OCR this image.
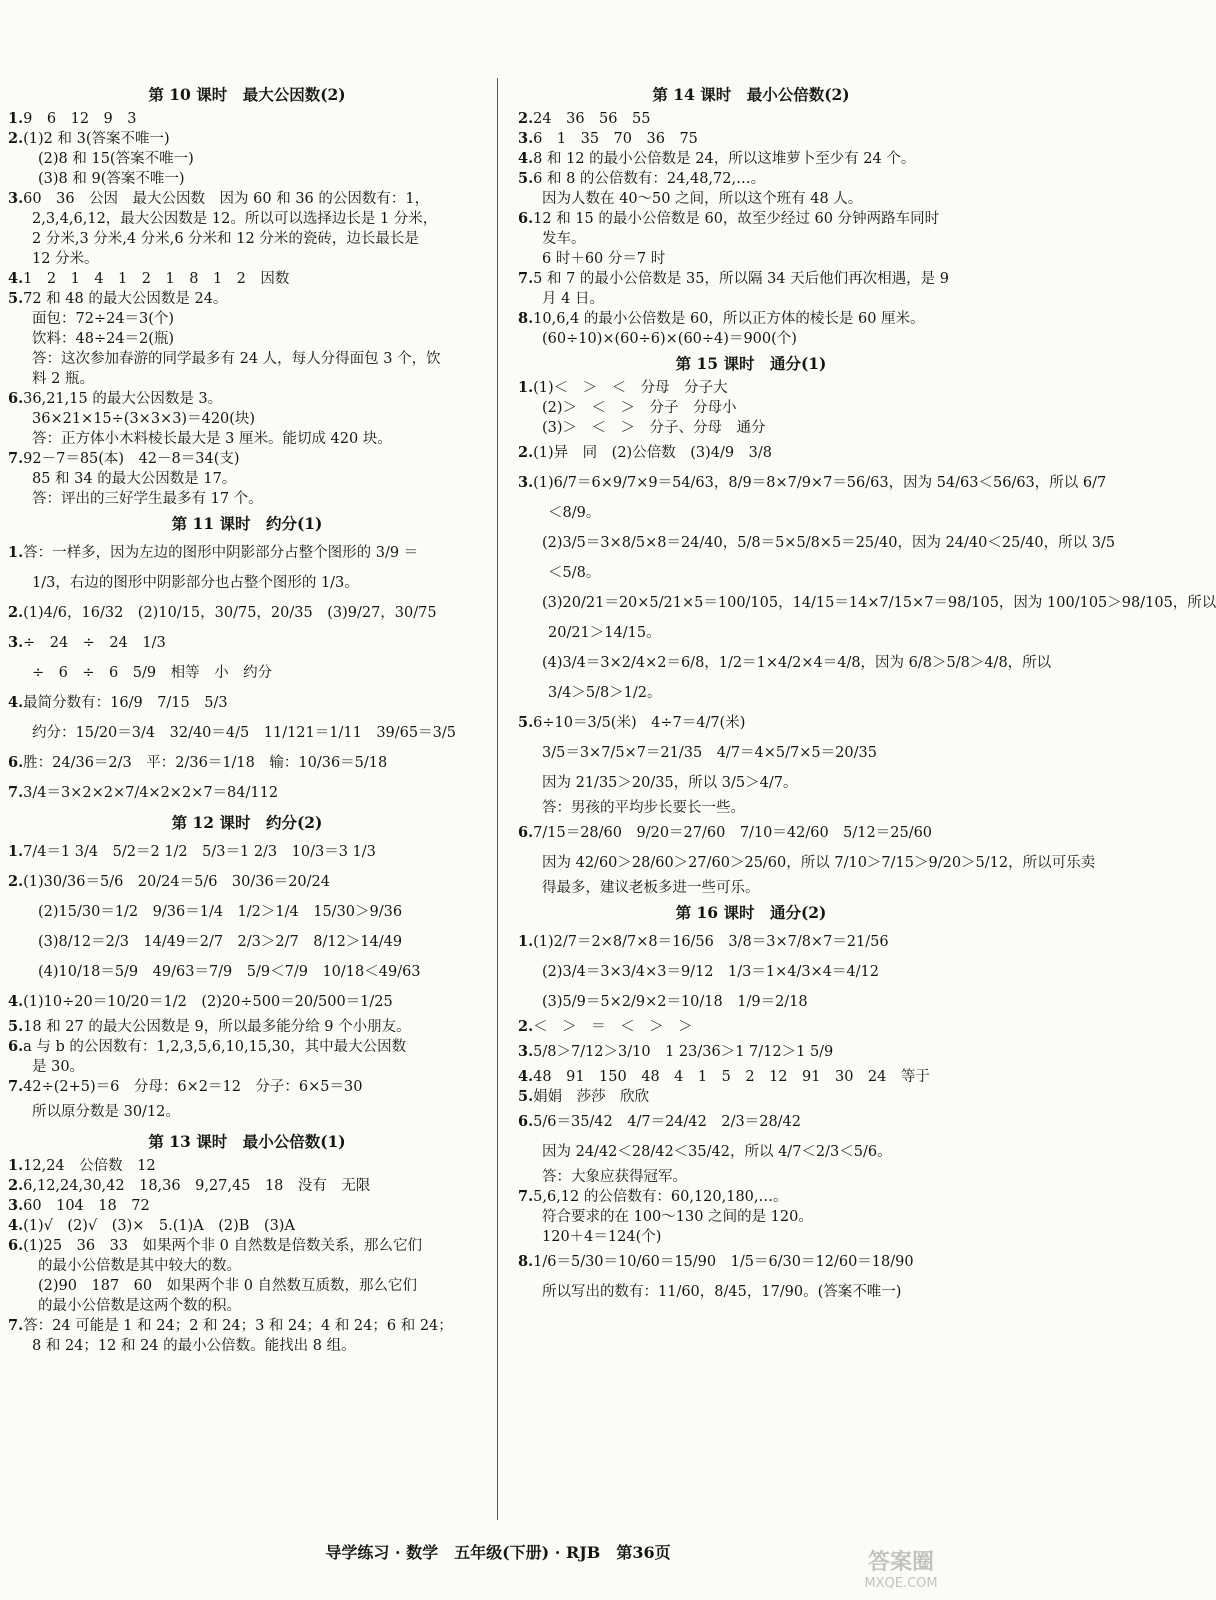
第 10 课时　最大公因数(2)
1.9　6　12　9　3
2.(1)2 和 3(答案不唯一)
(2)8 和 15(答案不唯一)
(3)8 和 9(答案不唯一)
3.60　36　公因　最大公因数　因为 60 和 36 的公因数有：1，
2,3,4,6,12，最大公因数是 12。所以可以选择边长是 1 分米，
2 分米,3 分米,4 分米,6 分米和 12 分米的瓷砖，边长最长是
12 分米。
4.1　2　1　4　1　2　1　8　1　2　因数
5.72 和 48 的最大公因数是 24。
面包：72÷24＝3(个)
饮料：48÷24＝2(瓶)
答：这次参加春游的同学最多有 24 人，每人分得面包 3 个，饮
料 2 瓶。
6.36,21,15 的最大公因数是 3。
36×21×15÷(3×3×3)＝420(块)
答：正方体小木料棱长最大是 3 厘米。能切成 420 块。
7.92－7＝85(本)　42－8＝34(支)
85 和 34 的最大公因数是 17。
答：评出的三好学生最多有 17 个。
第 11 课时　约分(1)
1.答：一样多，因为左边的图形中阴影部分占整个图形的 3/9 ＝
1/3，右边的图形中阴影部分也占整个图形的 1/3。
2.(1)4/6，16/32　(2)10/15，30/75，20/35　(3)9/27，30/75
3.÷　24　÷　24　1/3
÷　6　÷　6　5/9　相等　小　约分
4.最简分数有：16/9　7/15　5/3
约分：15/20＝3/4　32/40＝4/5　11/121＝1/11　39/65＝3/5
6.胜：24/36＝2/3　平：2/36＝1/18　输：10/36＝5/18
7.3/4＝3×2×2×7/4×2×2×7＝84/112
第 12 课时　约分(2)
1.7/4＝1 3/4　5/2＝2 1/2　5/3＝1 2/3　10/3＝3 1/3
2.(1)30/36＝5/6　20/24＝5/6　30/36＝20/24
(2)15/30＝1/2　9/36＝1/4　1/2＞1/4　15/30＞9/36
(3)8/12＝2/3　14/49＝2/7　2/3＞2/7　8/12＞14/49
(4)10/18＝5/9　49/63＝7/9　5/9＜7/9　10/18＜49/63
4.(1)10÷20＝10/20＝1/2　(2)20÷500＝20/500＝1/25
5.18 和 27 的最大公因数是 9，所以最多能分给 9 个小朋友。
6.a 与 b 的公因数有：1,2,3,5,6,10,15,30，其中最大公因数
是 30。
7.42÷(2+5)＝6　分母：6×2＝12　分子：6×5＝30
所以原分数是 30/12。
第 13 课时　最小公倍数(1)
1.12,24　公倍数　12
2.6,12,24,30,42　18,36　9,27,45　18　没有　无限
3.60　104　18　72
4.(1)√　(2)√　(3)×　5.(1)A　(2)B　(3)A
6.(1)25　36　33　如果两个非 0 自然数是倍数关系，那么它们
的最小公倍数是其中较大的数。
(2)90　187　60　如果两个非 0 自然数互质数，那么它们
的最小公倍数是这两个数的积。
7.答：24 可能是 1 和 24；2 和 24；3 和 24；4 和 24；6 和 24；
8 和 24；12 和 24 的最小公倍数。能找出 8 组。
第 14 课时　最小公倍数(2)
2.24　36　56　55
3.6　1　35　70　36　75
4.8 和 12 的最小公倍数是 24，所以这堆萝卜至少有 24 个。
5.6 和 8 的公倍数有：24,48,72,…。
因为人数在 40～50 之间，所以这个班有 48 人。
6.12 和 15 的最小公倍数是 60，故至少经过 60 分钟两路车同时
发车。
6 时＋60 分＝7 时
7.5 和 7 的最小公倍数是 35，所以隔 34 天后他们再次相遇，是 9
月 4 日。
8.10,6,4 的最小公倍数是 60，所以正方体的棱长是 60 厘米。
(60÷10)×(60÷6)×(60÷4)＝900(个)
第 15 课时　通分(1)
1.(1)＜　＞　＜　分母　分子大
(2)＞　＜　＞　分子　分母小
(3)＞　＜　＞　分子、分母　通分
2.(1)异　同　(2)公倍数　(3)4/9　3/8
3.(1)6/7＝6×9/7×9＝54/63，8/9＝8×7/9×7＝56/63，因为 54/63＜56/63，所以 6/7
＜8/9。
(2)3/5＝3×8/5×8＝24/40，5/8＝5×5/8×5＝25/40，因为 24/40＜25/40，所以 3/5
＜5/8。
(3)20/21＝20×5/21×5＝100/105，14/15＝14×7/15×7＝98/105，因为 100/105＞98/105，所以
20/21＞14/15。
(4)3/4＝3×2/4×2＝6/8，1/2＝1×4/2×4＝4/8，因为 6/8＞5/8＞4/8，所以
3/4＞5/8＞1/2。
5.6÷10＝3/5(米)　4÷7＝4/7(米)
3/5＝3×7/5×7＝21/35　4/7＝4×5/7×5＝20/35
因为 21/35＞20/35，所以 3/5＞4/7。
答：男孩的平均步长要长一些。
6.7/15＝28/60　9/20＝27/60　7/10＝42/60　5/12＝25/60
因为 42/60＞28/60＞27/60＞25/60，所以 7/10＞7/15＞9/20＞5/12，所以可乐卖
得最多，建议老板多进一些可乐。
第 16 课时　通分(2)
1.(1)2/7＝2×8/7×8＝16/56　3/8＝3×7/8×7＝21/56
(2)3/4＝3×3/4×3＝9/12　1/3＝1×4/3×4＝4/12
(3)5/9＝5×2/9×2＝10/18　1/9＝2/18
2.＜　＞　＝　＜　＞　＞
3.5/8＞7/12＞3/10　1 23/36＞1 7/12＞1 5/9
4.48　91　150　48　4　1　5　2　12　91　30　24　等于
5.娟娟　莎莎　欣欣
6.5/6＝35/42　4/7＝24/42　2/3＝28/42
因为 24/42＜28/42＜35/42，所以 4/7＜2/3＜5/6。
答：大象应获得冠军。
7.5,6,12 的公倍数有：60,120,180,…。
符合要求的在 100～130 之间的是 120。
120＋4＝124(个)
8.1/6＝5/30＝10/60＝15/90　1/5＝6/30＝12/60＝18/90
所以写出的数有：11/60，8/45，17/90。(答案不唯一)
导学练习 · 数学　五年级(下册) · RJB　第36页	答案圈
MXQE.COM
